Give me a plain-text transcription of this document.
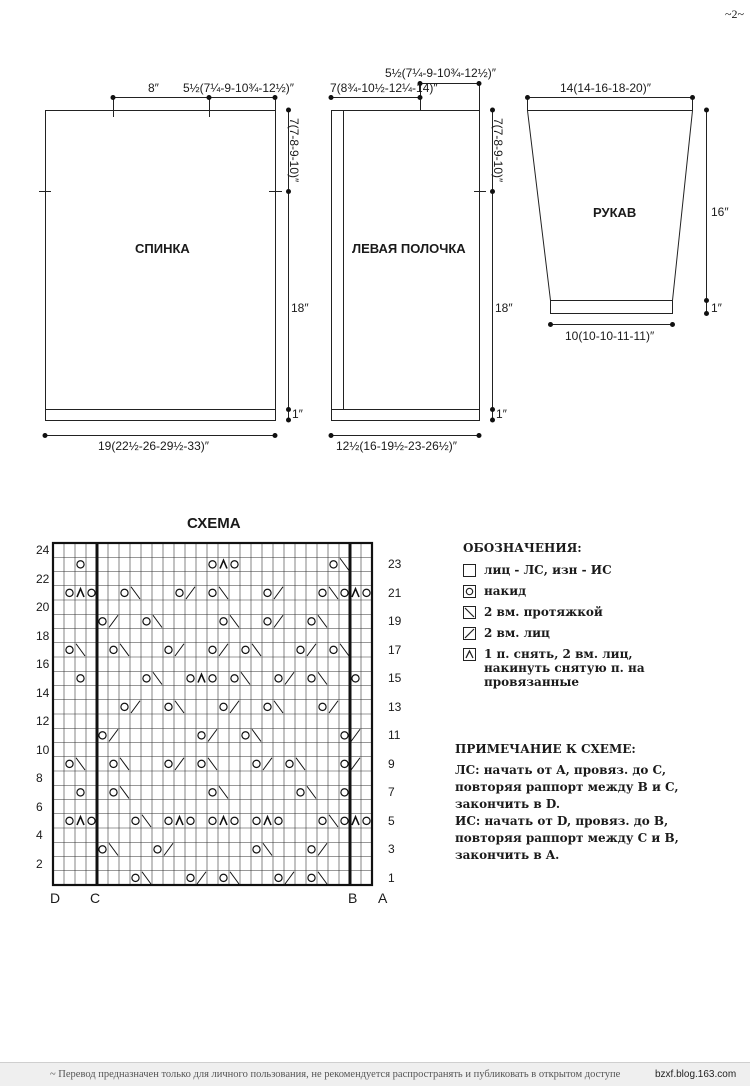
~2~
СПИНКА
8″ 5½(7¼-9-10¾-12½)″
7(7-8-9-10)″
18″
1″
19(22½-26-29½-33)″
ЛЕВАЯ ПОЛОЧКА
5½(7¼-9-10¾-12½)″
7(8¾-10½-12¼-14)″
7(7-8-9-10)″
18″
1″
12½(16-19½-23-26½)″
РУКАВ
14(14-16-18-20)″
16″
1″
10(10-10-11-11)″
СХЕМА
24
22
20
18
16
14
12
10
8
6
4
2
23
21
19
17
15
13
11
9
7
5
3
1
D C	B A
ОБОЗНАЧЕНИЯ:
лиц - ЛС, изн - ИС
накид
2 вм. протяжкой
2 вм. лиц
1 п. снять, 2 вм. лиц, накинуть снятую п. на провязанные
ПРИМЕЧАНИЕ К СХЕМЕ:
ЛС: начать от A, провяз. до C,
повторяя раппорт между B и C,
закончить в D.
ИС: начать от D, провяз. до B,
повторяя раппорт между C и B,
закончить в A.
~ Перевод предназначен только для личного пользования, не рекомендуется распространять и публиковать в открытом доступе	bzxf.blog.163.com
